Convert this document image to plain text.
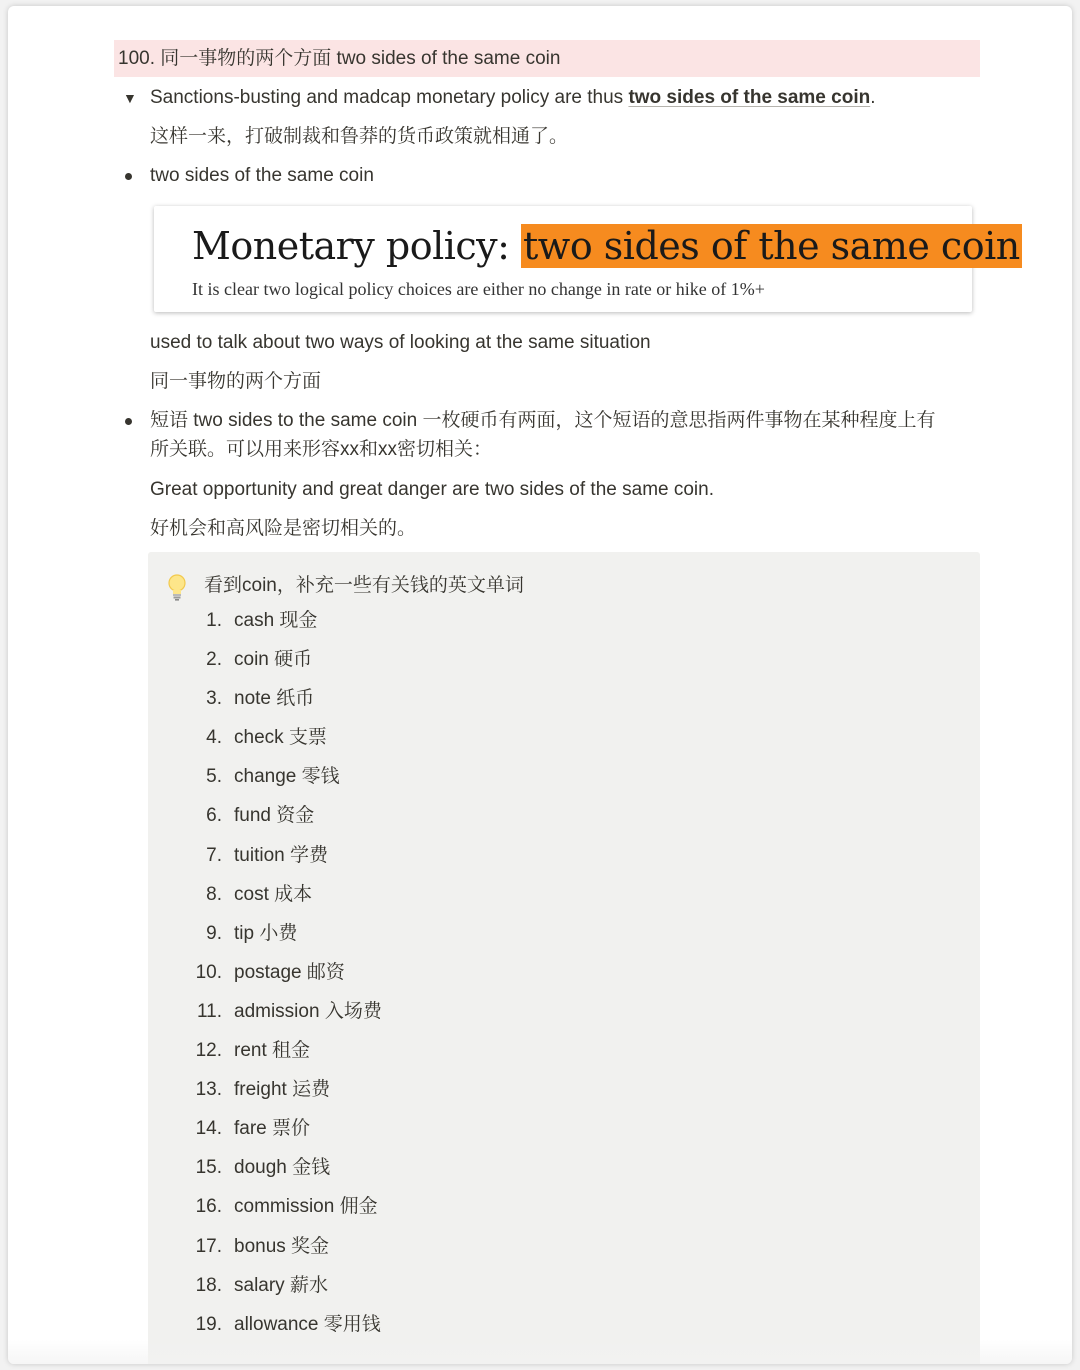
100. 同一事物的两个方面 two sides of the same coin
▼ Sanctions-busting and madcap monetary policy are thus two sides of the same coin.
这样一来，打破制裁和鲁莽的货币政策就相通了。
two sides of the same coin
Monetary policy: two sides of the same coin
It is clear two logical policy choices are either no change in rate or hike of 1%+
used to talk about two ways of looking at the same situation
同一事物的两个方面
短语 two sides to the same coin 一枚硬币有两面，这个短语的意思指两件事物在某种程度上有
所关联。可以用来形容xx和xx密切相关：
Great opportunity and great danger are two sides of the same coin.
好机会和高风险是密切相关的。
看到coin，补充一些有关钱的英文单词
1. cash 现金
2. coin 硬币
3. note 纸币
4. check 支票
5. change 零钱
6. fund 资金
7. tuition 学费
8. cost 成本
9. tip 小费
10. postage 邮资
11. admission 入场费
12. rent 租金
13. freight 运费
14. fare 票价
15. dough 金钱
16. commission 佣金
17. bonus 奖金
18. salary 薪水
19. allowance 零用钱
